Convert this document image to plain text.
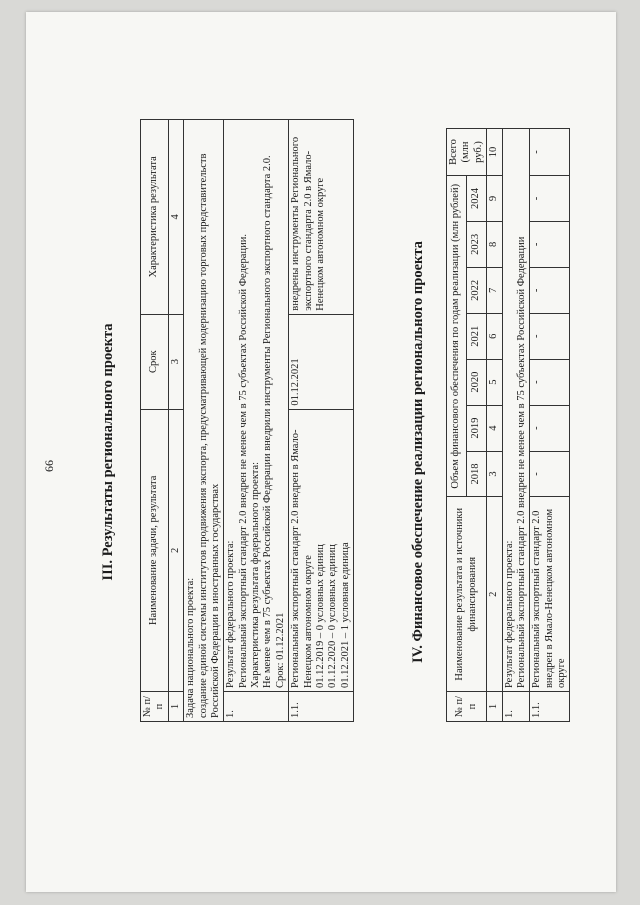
66	III. Результаты регионального проекта
№ п/п	Наименование задачи, результата	Срок	Характеристика результата
1	2	3	4
Задача национального проекта:
создание единой системы институтов продвижения экспорта, предусматривающей модернизацию торговых представительств Российской Федерации в иностранных государствах			
1.	Результат федерального проекта:
Региональный экспортный стандарт 2.0 внедрен не менее чем в 75 субъектах Российской Федерации.
Характеристика результата федерального проекта:
Не менее чем в 75 субъектах Российской Федерации внедрили инструменты Регионального экспортного стандарта 2.0.
Срок: 01.12.2021		
1.1.	Региональный экспортный стандарт 2.0 внедрен в Ямало-Ненецком автономном округе
01.12.2019 – 0 условных единиц
01.12.2020 – 0 условных единиц
01.12.2021 – 1 условная единица	01.12.2021	внедрены инструменты Регионального экспортного стандарта 2.0 в Ямало-Ненецком автономном округе	IV. Финансовое обеспечение реализации регионального проекта
№ п/п	Наименование результата и источники финансирования	Объем финансового обеспечения по годам реализации (млн рублей)							Всего (млн руб.)
		2018	2019	2020	2021	2022	2023	2024	
1	2	3	4	5	6	7	8	9	10
1.	Результат федерального проекта:
Региональный экспортный стандарт 2.0 внедрен не менее чем в 75 субъектах Российской Федерации								
1.1.	Региональный экспортный стандарт 2.0 внедрен в Ямало-Ненецком автономном округе	-	-	-	-	-	-	-	-
